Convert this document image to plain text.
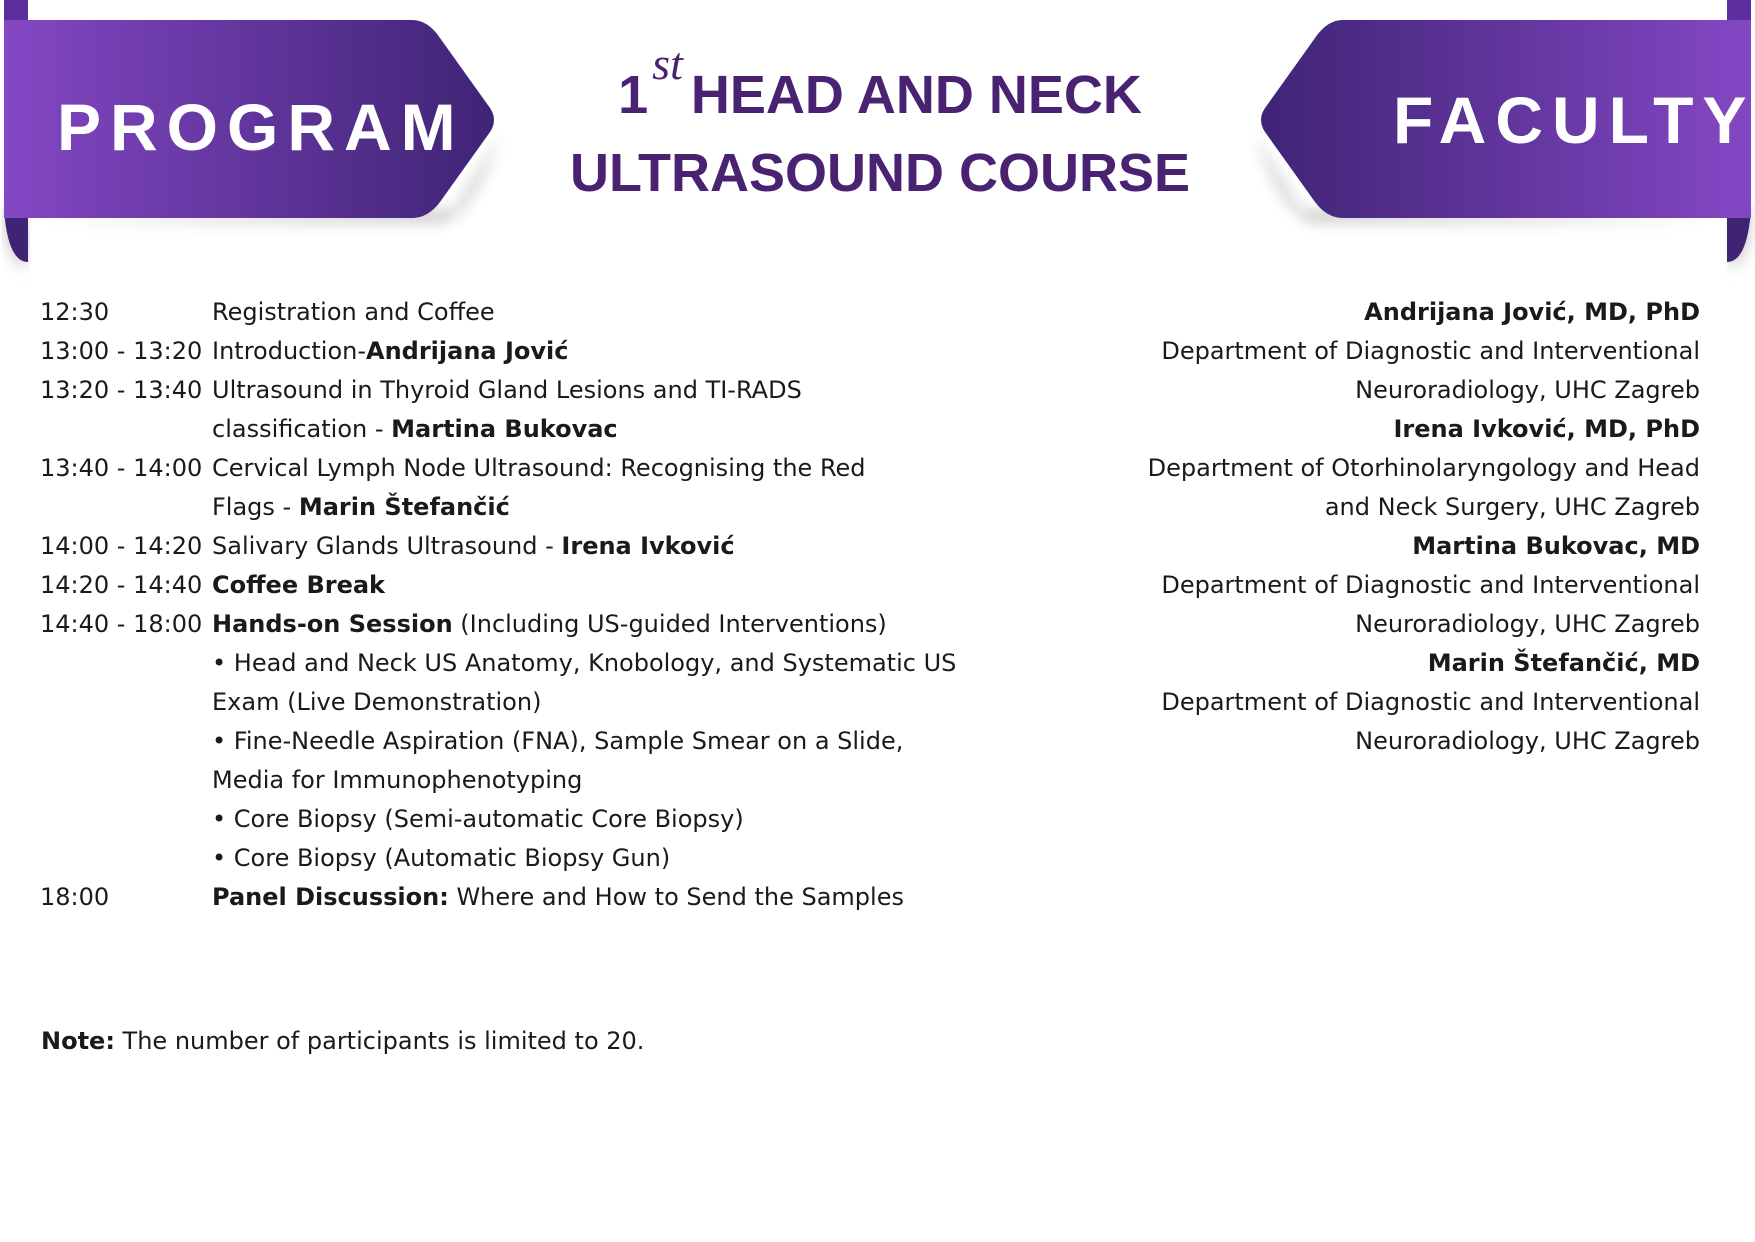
PROGRAM	FACULTY
1stHEAD AND NECK
ULTRASOUND COURSE
12:30	Registration and Coffee
13:00 - 13:20 Introduction-Andrijana Jović
13:20 - 13:40 Ultrasound in Thyroid Gland Lesions and TI-RADS
classification - Martina Bukovac
13:40 - 14:00 Cervical Lymph Node Ultrasound: Recognising the Red
Flags - Marin Štefančić
14:00 - 14:20 Salivary Glands Ultrasound - Irena Ivković
14:20 - 14:40 Coffee Break
14:40 - 18:00 Hands-on Session (Including US-guided Interventions)
• Head and Neck US Anatomy, Knobology, and Systematic US
Exam (Live Demonstration)
• Fine-Needle Aspiration (FNA), Sample Smear on a Slide,
Media for Immunophenotyping
• Core Biopsy (Semi-automatic Core Biopsy)
• Core Biopsy (Automatic Biopsy Gun)
18:00	Panel Discussion: Where and How to Send the Samples
Andrijana Jović, MD, PhD
Department of Diagnostic and Interventional
Neuroradiology, UHC Zagreb
Irena Ivković, MD, PhD
Department of Otorhinolaryngology and Head
and Neck Surgery, UHC Zagreb
Martina Bukovac, MD
Department of Diagnostic and Interventional
Neuroradiology, UHC Zagreb
Marin Štefančić, MD
Department of Diagnostic and Interventional
Neuroradiology, UHC Zagreb
Note: The number of participants is limited to 20.
